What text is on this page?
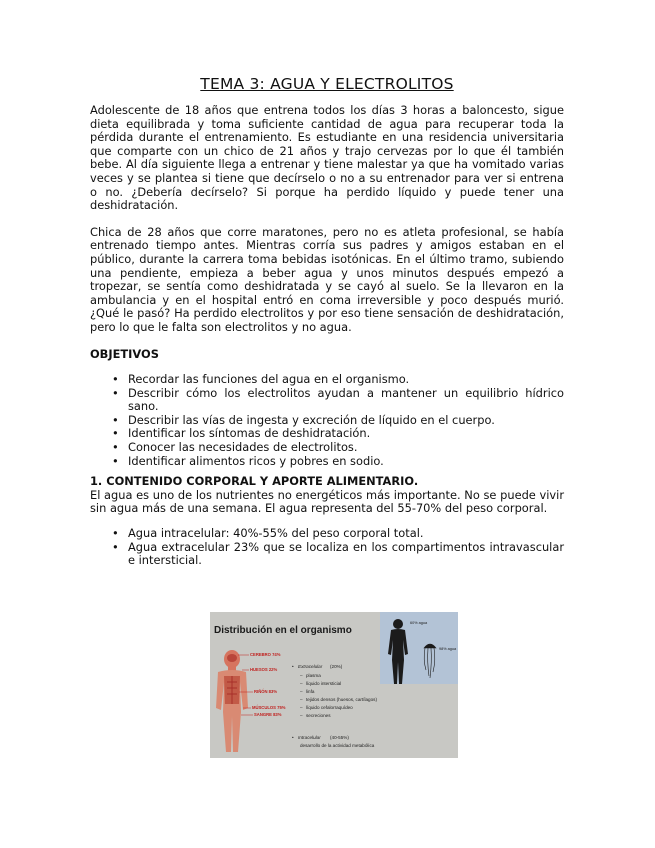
TEMA 3: AGUA Y ELECTROLITOS

Adolescente de 18 años que entrena todos los días 3 horas a baloncesto, sigue dieta equilibrada y toma suficiente cantidad de agua para recuperar toda la pérdida durante el entrenamiento. Es estudiante en una residencia universitaria que comparte con un chico de 21 años y trajo cervezas por lo que él también bebe. Al día siguiente llega a entrenar y tiene malestar ya que ha vomitado varias veces y se plantea si tiene que decírselo o no a su entrenador para ver si entrena o no. ¿Debería decírselo? Si porque ha perdido líquido y puede tener una deshidratación.

Chica de 28 años que corre maratones, pero no es atleta profesional, se había entrenado tiempo antes. Mientras corría sus padres y amigos estaban en el público, durante la carrera toma bebidas isotónicas. En el último tramo, subiendo una pendiente, empieza a beber agua y unos minutos después empezó a tropezar, se sentía como deshidratada y se cayó al suelo. Se la llevaron en la ambulancia y en el hospital entró en coma irreversible y poco después murió. ¿Qué le pasó? Ha perdido electrolitos y por eso tiene sensación de deshidratación, pero lo que le falta son electrolitos y no agua.

OBJETIVOS

• Recordar las funciones del agua en el organismo.
• Describir cómo los electrolitos ayudan a mantener un equilibrio hídrico sano.
• Describir las vías de ingesta y excreción de líquido en el cuerpo.
• Identificar los síntomas de deshidratación.
• Conocer las necesidades de electrolitos.
• Identificar alimentos ricos y pobres en sodio.

1. CONTENIDO CORPORAL Y APORTE ALIMENTARIO.

El agua es uno de los nutrientes no energéticos más importante. No se puede vivir sin agua más de una semana. El agua representa del 55-70% del peso corporal.

• Agua intracelular: 40%-55% del peso corporal total.
• Agua extracelular 23% que se localiza en los compartimentos intravascular e intersticial.
Distribución en el organismo
CEREBRO 74%
HUESOS 22%
RIÑÓN 83%
MÚSCULOS 75%
SANGRE 83%
• Extracelular (20%)
– plasma
– líquido intersticial
– linfa
– tejidos densos (huesos, cartílagos)
– líquido cefalorraquídeo
– secreciones
• Intracelular (40-55%)
desarrollo de la actividad metabólica
60% agua
98% agua
